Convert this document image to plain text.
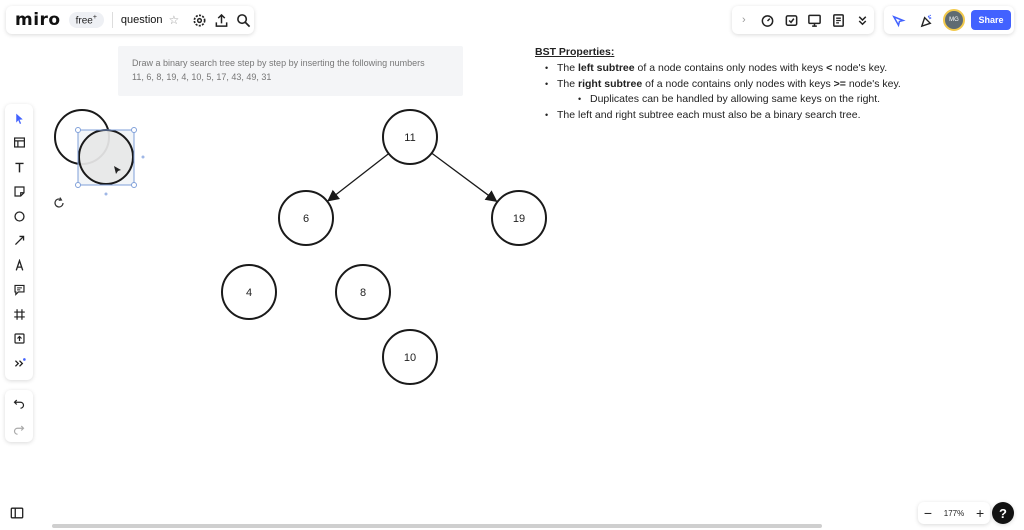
miro	free+	question ☆	›	MG	Share
− 177% +	?

Draw a binary search tree step by step by inserting the following numbers

11, 6, 8, 19, 4, 10, 5, 17, 43, 49, 31

BST Properties:
• The left subtree of a node contains only nodes with keys < node's key.
• The right subtree of a node contains only nodes with keys >= node's key.
• Duplicates can be handled by allowing same keys on the right.
• The left and right subtree each must also be a binary search tree.
11
6	19
4	8
10
